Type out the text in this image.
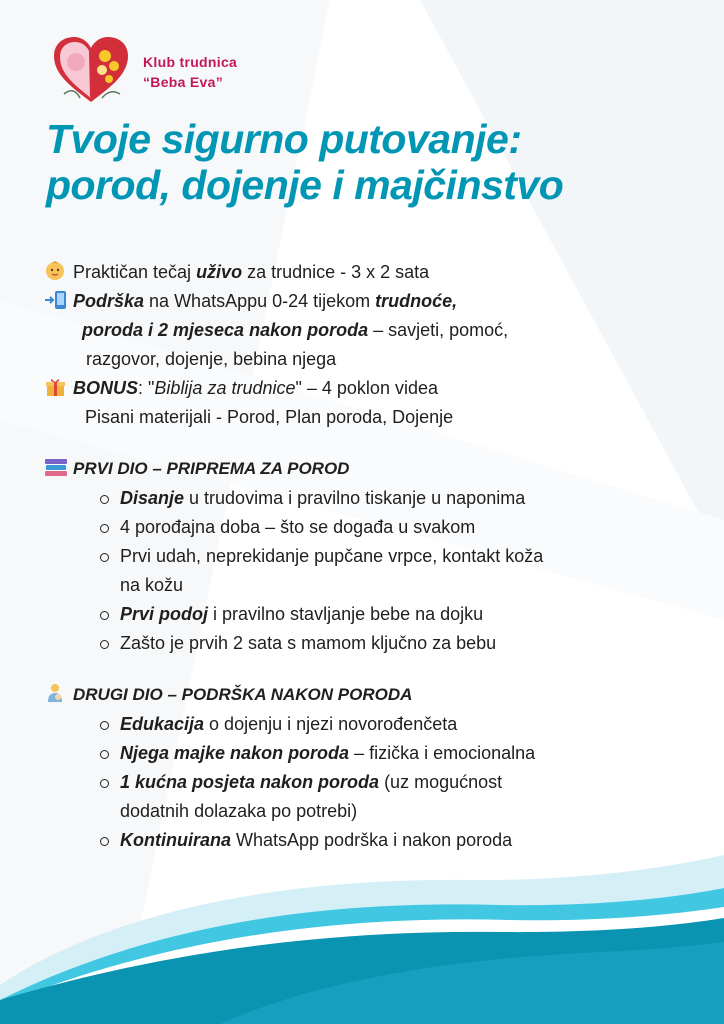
Klub trudnica
“Beba Eva”
Tvoje sigurno putovanje:
porod, dojenje i majčinstvo
Praktičan tečaj uživo za trudnice - 3 x 2 sata
Podrška na WhatsAppu 0-24 tijekom trudnoće,
poroda i 2 mjeseca nakon poroda – savjeti, pomoć,
razgovor, dojenje, bebina njega
BONUS: "Biblija za trudnice" – 4 poklon videa
Pisani materijali - Porod, Plan poroda, Dojenje
PRVI DIO – PRIPREMA ZA POROD
Disanje u trudovima i pravilno tiskanje u naponima
4 porođajna doba – što se događa u svakom
Prvi udah, neprekidanje pupčane vrpce, kontakt koža
na kožu
Prvi podoj i pravilno stavljanje bebe na dojku
Zašto je prvih 2 sata s mamom ključno za bebu
DRUGI DIO – PODRŠKA NAKON PORODA
Edukacija o dojenju i njezi novorođenčeta
Njega majke nakon poroda – fizička i emocionalna
1 kućna posjeta nakon poroda (uz mogućnost
dodatnih dolazaka po potrebi)
Kontinuirana WhatsApp podrška i nakon poroda
